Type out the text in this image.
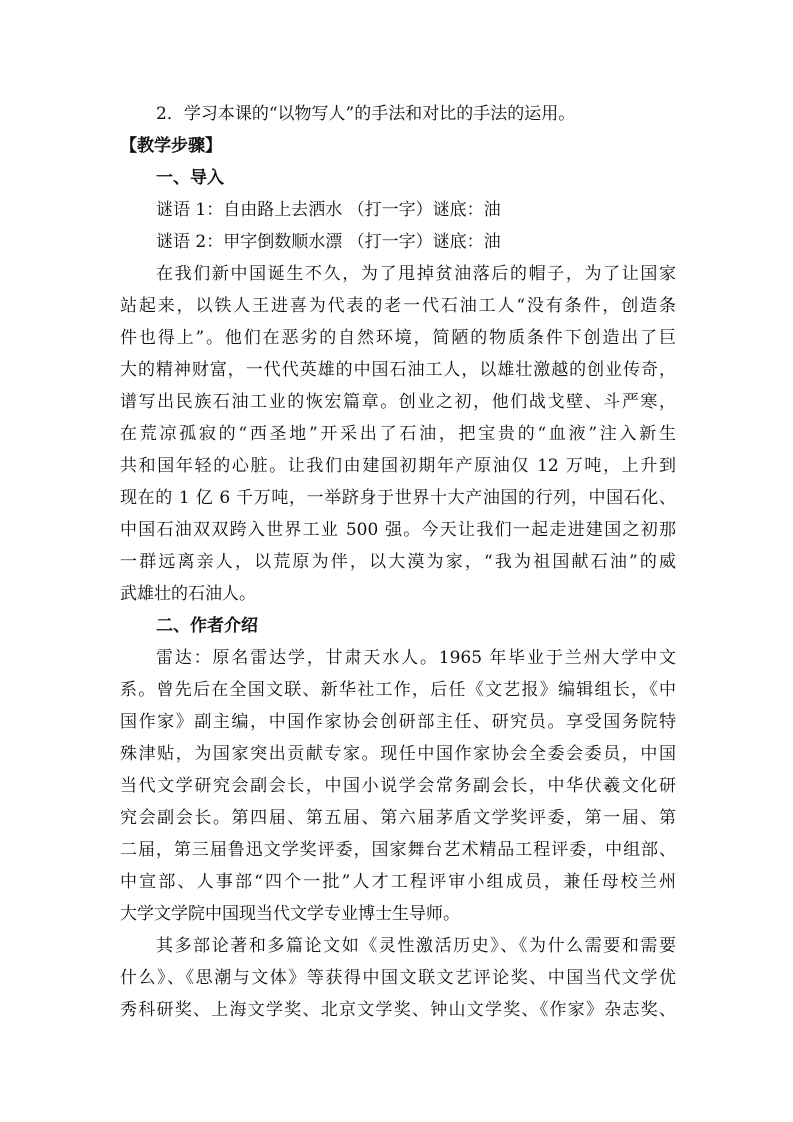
2．学习本课的“以物写人”的手法和对比的手法的运用。
【教学步骤】
一、导入
谜语 1：自由路上去洒水 （打一字）谜底：油
谜语 2：甲字倒数顺水漂 （打一字）谜底：油
在我们新中国诞生不久，为了甩掉贫油落后的帽子，为了让国家
站起来，以铁人王进喜为代表的老一代石油工人“没有条件，创造条
件也得上”。他们在恶劣的自然环境，简陋的物质条件下创造出了巨
大的精神财富，一代代英雄的中国石油工人，以雄壮激越的创业传奇，
谱写出民族石油工业的恢宏篇章。创业之初，他们战戈壁、斗严寒，
在荒凉孤寂的“西圣地”开采出了石油，把宝贵的“血液”注入新生
共和国年轻的心脏。让我们由建国初期年产原油仅 12 万吨，上升到
现在的 1 亿 6 千万吨，一举跻身于世界十大产油国的行列，中国石化、
中国石油双双跨入世界工业 500 强。今天让我们一起走进建国之初那
一群远离亲人，以荒原为伴，以大漠为家，“我为祖国献石油”的威
武雄壮的石油人。
二、作者介绍
雷达：原名雷达学，甘肃天水人。1965 年毕业于兰州大学中文
系。曾先后在全国文联、新华社工作，后任《文艺报》编辑组长，《中
国作家》副主编，中国作家协会创研部主任、研究员。享受国务院特
殊津贴，为国家突出贡献专家。现任中国作家协会全委会委员，中国
当代文学研究会副会长，中国小说学会常务副会长，中华伏羲文化研
究会副会长。第四届、第五届、第六届茅盾文学奖评委，第一届、第
二届，第三届鲁迅文学奖评委，国家舞台艺术精品工程评委，中组部、
中宣部、人事部“四个一批”人才工程评审小组成员，兼任母校兰州
大学文学院中国现当代文学专业博士生导师。
其多部论著和多篇论文如《灵性激活历史》、《为什么需要和需要
什么》、《思潮与文体》等获得中国文联文艺评论奖、中国当代文学优
秀科研奖、上海文学奖、北京文学奖、钟山文学奖、《作家》杂志奖、
